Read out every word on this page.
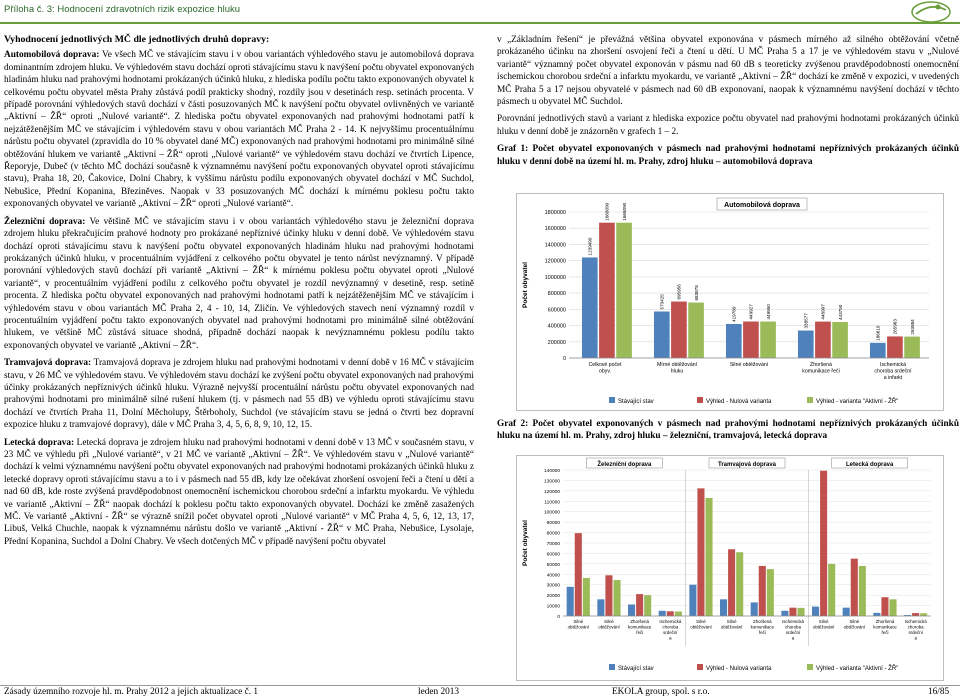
Příloha č. 3: Hodnocení zdravotních rizik expozice hluku
Vyhodnocení jednotlivých MČ dle jednotlivých druhů dopravy:

Automobilová doprava: Ve všech MČ ve stávajícím stavu i v obou variantách výhledového stavu je automobilová doprava dominantním zdrojem hluku. Ve výhledovém stavu dochází oproti stávajícímu stavu k navýšení počtu obyvatel exponovaných hladinám hluku nad prahovými hodnotami prokázaných účinků hluku, z hlediska podílu počtu takto exponovaných obyvatel k celkovému počtu obyvatel města Prahy zůstává podíl prakticky shodný, rozdíly jsou v desetinách resp. setinách procenta. V případě porovnání výhledových stavů dochází v části posuzovaných MČ k navýšení počtu obyvatel ovlivněných ve variantě „Aktivní – ŽŘ“ oproti „Nulové variantě“. Z hlediska počtu obyvatel exponovaných nad prahovými hodnotami patří k nejzátěženějším MČ ve stávajícím i výhledovém stavu v obou variantách MČ Praha 2 - 14. K nejvyššímu procentuálnímu nárůstu počtu obyvatel (zpravidla do 10 % obyvatel dané MČ) exponovaných nad prahovými hodnotami pro minimálně silné obtěžování hlukem ve variantě „Aktivní – ŽŘ“ oproti „Nulové variantě“ ve výhledovém stavu dochází ve čtvrtích Lipence, Řeporyje, Dubeč (v těchto MČ dochází současně k významnému navýšení počtu exponovaných obyvatel oproti stávajícímu stavu), Praha 18, 20, Čakovice, Dolní Chabry, k vyššímu nárůstu podílu exponovaných obyvatel dochází v MČ Suchdol, Nebušice, Přední Kopanina, Březiněves. Naopak v 33 posuzovaných MČ dochází k mírnému poklesu počtu takto exponovaných obyvatel ve variantě „Aktivní – ŽŘ“ oproti „Nulové variantě“.

Železniční doprava: Ve většině MČ ve stávajícím stavu i v obou variantách výhledového stavu je železniční doprava zdrojem hluku překračujícím prahové hodnoty pro prokázané nepříznivé účinky hluku v denní době. Ve výhledovém stavu dochází oproti stávajícímu stavu k navýšení počtu obyvatel exponovaných hladinám hluku nad prahovými hodnotami prokázaných účinků hluku, v procentuálním vyjádření z celkového počtu obyvatel je tento nárůst nevýznamný. V případě porovnání výhledových stavů dochází při variantě „Aktivní – ŽŘ“ k mírnému poklesu počtu obyvatel oproti „Nulové variantě“, v procentuálním vyjádření podílu z celkového počtu obyvatel je rozdíl nevýznamný v desetině, resp. setině procenta. Z hlediska počtu obyvatel exponovaných nad prahovými hodnotami patří k nejzátěženějším MČ ve stávajícím i výhledovém stavu v obou variantách MČ Praha 2, 4 - 10, 14, Zličín. Ve výhledových stavech není významný rozdíl v procentuálním vyjádření počtu takto exponovaných obyvatel nad prahovými hodnotami pro minimálně silné obtěžování hlukem, ve většině MČ zůstává situace shodná, případně dochází naopak k nevýznamnému poklesu podílu takto exponovaných obyvatel ve variantě „Aktivní – ŽŘ“.

Tramvajová doprava: Tramvajová doprava je zdrojem hluku nad prahovými hodnotami v denní době v 16 MČ v stávajícím stavu, v 26 MČ ve výhledovém stavu. Ve výhledovém stavu dochází ke zvýšení počtu obyvatel exponovaných nad prahovými účinky prokázaných nepříznivých účinků hluku. Výrazně nejvyšší procentuální nárůstu počtu obyvatel exponovaných nad prahovými hodnotami pro minimálně silné rušení hlukem (tj. v pásmech nad 55 dB) ve výhledu oproti stávajícímu stavu dochází ve čtvrtích Praha 11, Dolní Měcholupy, Štěrboholy, Suchdol (ve stávajícím stavu se jedná o čtvrti bez dopravní expozice hluku z tramvajové dopravy), dále v MČ Praha 3, 4, 5, 6, 8, 9, 10, 12, 15.

Letecká doprava: Letecká doprava je zdrojem hluku nad prahovými hodnotami v denní době v 13 MČ v současném stavu, v 23 MČ ve výhledu při „Nulové variantě“, v 21 MČ ve variantě „Aktivní – ŽŘ“. Ve výhledovém stavu v „Nulové variantě“ dochází k velmi významnému navýšení počtu obyvatel exponovaných nad prahovými hodnotami prokázaných účinků hluku z letecké dopravy oproti stávajícímu stavu a to i v pásmech nad 55 dB, kdy lze očekávat zhoršení osvojení řeči a čtení u dětí a nad 60 dB, kde roste zvýšená pravděpodobnost onemocnění ischemickou chorobou srdeční a infarktu myokardu. Ve výhledu ve variantě „Aktivní – ŽŘ“ naopak dochází k poklesu počtu takto exponovaných obyvatel. Dochází ke změně zasažených MČ. Ve variantě „Aktivní - ŽŘ“ se výrazně snížil počet obyvatel oproti „Nulové variantě“ v MČ Praha 4, 5, 6, 12, 13, 17, Libuš, Velká Chuchle, naopak k významnému nárůstu došlo ve variantě „Aktivní - ŽŘ“ v MČ Praha, Nebušice, Lysolaje, Přední Kopanina, Suchdol a Dolní Chabry. Ve všech dotčených MČ v případě navýšení počtu obyvatel

v „Základním řešení“ je převážná většina obyvatel exponována v pásmech mírného až silného obtěžování včetně prokázaného účinku na zhoršení osvojení řeči a čtení u dětí. U MČ Praha 5 a 17 je ve výhledovém stavu v „Nulové variantě“ významný počet obyvatel exponován v pásmu nad 60 dB s teoreticky zvýšenou pravděpodobností onemocnění ischemickou chorobou srdeční a infarktu myokardu, ve variantě „Aktivní – ŽŘ“ dochází ke změně v expozici, v uvedených MČ Praha 5 a 17 nejsou obyvatelé v pásmech nad 60 dB exponovaní, naopak k významnému navýšení dochází v těchto pásmech u obyvatel MČ Suchdol.

Porovnání jednotlivých stavů a variant z hlediska expozice počtu obyvatel nad prahovými hodnotami prokázaných účinků hluku v denní době je znázorněn v grafech 1 – 2.

Graf 1: Počet obyvatel exponovaných v pásmech nad prahovými hodnotami nepříznivých prokázaných účinků hluku v denní době na území hl. m. Prahy, zdroj hluku – automobilová doprava

0
200000
400000
600000
800000
1000000
1200000
1400000
1600000
1800000
Počet obyvatel
Automobilová doprava
1239490
1668090	1668090
Celkové počet
obyv.
573425
695956	683878
Mírné obtěžování
hluku
419789	449927	449950
Silné obtěžování
338577
448997	443750
Zhoršená
komunikace řeči
186610	265963	263884
Ischemická
choroba srdeční
a infarkt
Stávající stav	Výhled - Nulová varianta	Výhled - varianta "Aktivní - ŽŘ"

Graf 2: Počet obyvatel exponovaných v pásmech nad prahovými hodnotami nepříznivých prokázaných účinků hluku na území hl. m. Prahy, zdroj hluku – železniční, tramvajová, letecká doprava

0
10000
20000
30000
40000
50000
60000
70000
80000
90000
100000
110000
120000
130000
140000
Počet obyvatel
Železniční doprava	Tramvajová doprava	Letecká doprava
Silné
obtěžování
Silné
obtěžování
Zhoršená
komunikace
řeči
Ischemická
choroba
srdeční
a
Silné
obtěžování
Silné
obtěžování
Zhoršená
komunikace
řeči
Ischemická
choroba
srdeční
a
Silné
obtěžování
Silné
obtěžování
Zhoršená
komunikace
řeči
Ischemická
choroba
srdeční
a
Stávající stav	Výhled - Nulová varianta	Výhled - varianta "Aktivní - ŽŘ"
Zásady územního rozvoje hl. m. Prahy 2012 a jejich aktualizace č. 1	leden 2013	EKOLA group, spol. s r.o.	16/85
